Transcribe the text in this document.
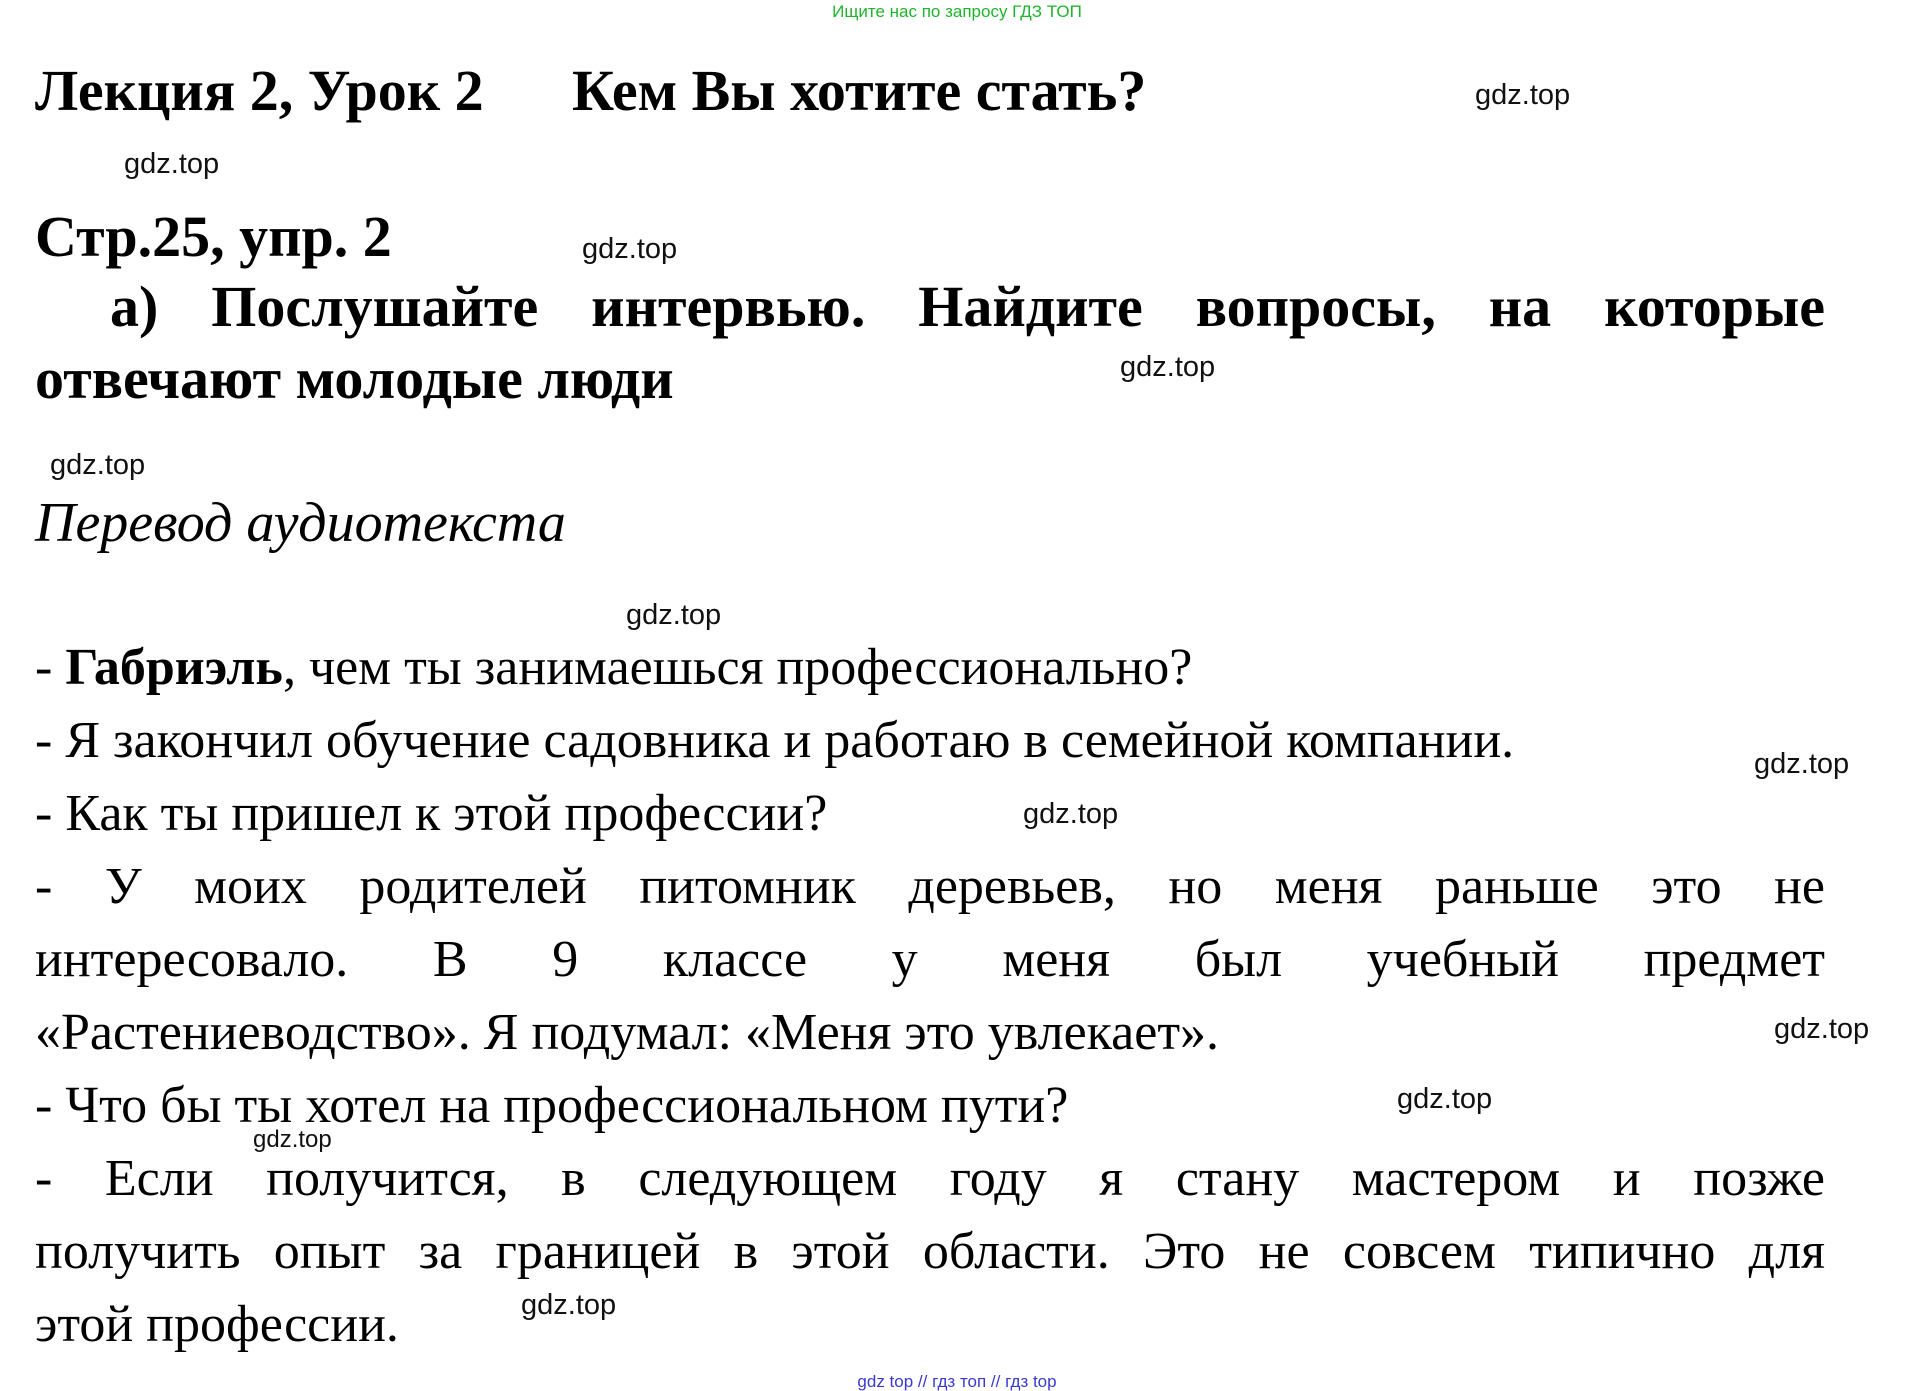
Ищите нас по запросу ГДЗ ТОП
Лекция 2, Урок 2 Кем Вы хотите стать?
Стр.25, упр. 2
а) Послушайте интервью. Найдите вопросы, на которые
отвечают молодые люди
Перевод аудиотекста
- Габриэль, чем ты занимаешься профессионально?
- Я закончил обучение садовника и работаю в семейной компании.
- Как ты пришел к этой профессии?
- У моих родителей питомник деревьев, но меня раньше это не
интересовало. В 9 классе у меня был учебный предмет
«Растениеводство». Я подумал: «Меня это увлекает».
- Что бы ты хотел на профессиональном пути?
- Если получится, в следующем году я стану мастером и позже
получить опыт за границей в этой области. Это не совсем типично для
этой профессии.
gdz.top
gdz.top
gdz.top
gdz.top
gdz.top
gdz.top
gdz.top
gdz.top
gdz.top
gdz.top
gdz.top
gdz.top
gdz top // гдз топ // гдз top
